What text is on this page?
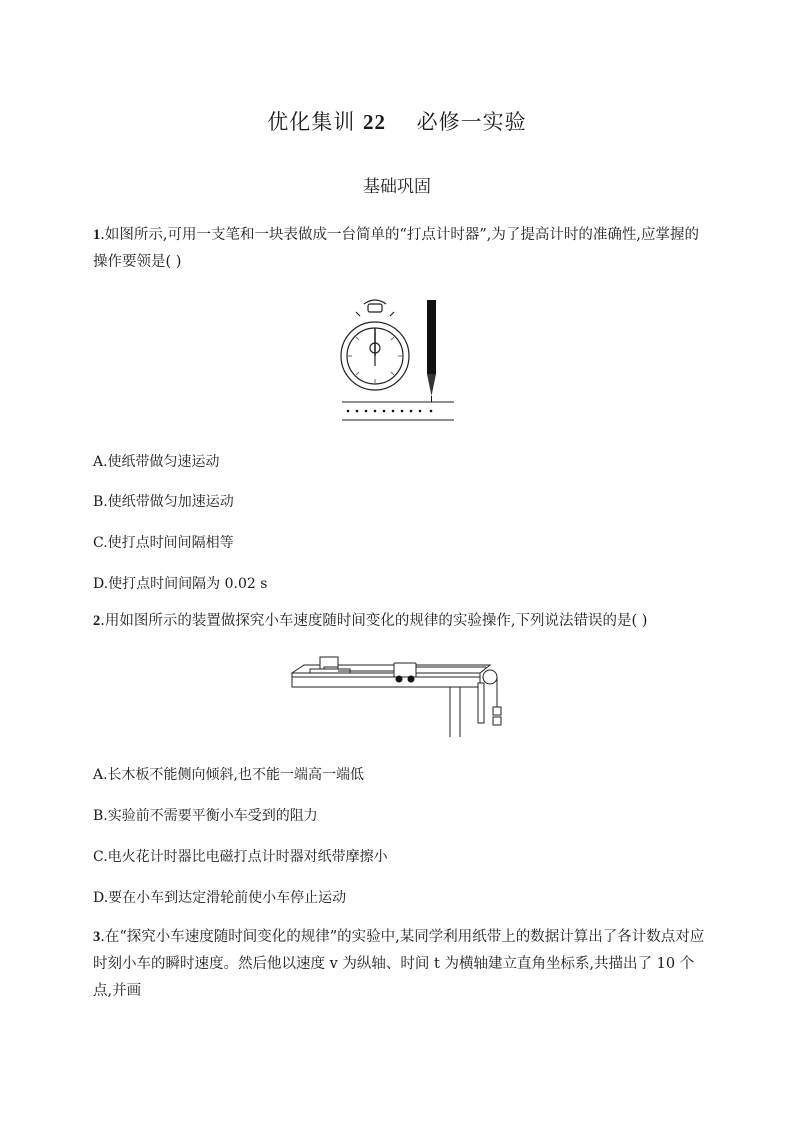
优化集训 22    必修一实验
基础巩固
1.如图所示,可用一支笔和一块表做成一台简单的“打点计时器”,为了提高计时的准确性,应掌握的操作要领是( )
A.使纸带做匀速运动
B.使纸带做匀加速运动
C.使打点时间间隔相等
D.使打点时间间隔为 0.02 s
2.用如图所示的装置做探究小车速度随时间变化的规律的实验操作,下列说法错误的是( )
A.长木板不能侧向倾斜,也不能一端高一端低
B.实验前不需要平衡小车受到的阻力
C.电火花计时器比电磁打点计时器对纸带摩擦小
D.要在小车到达定滑轮前使小车停止运动
3.在“探究小车速度随时间变化的规律”的实验中,某同学利用纸带上的数据计算出了各计数点对应时刻小车的瞬时速度。然后他以速度 v 为纵轴、时间 t 为横轴建立直角坐标系,共描出了 10 个点,并画
